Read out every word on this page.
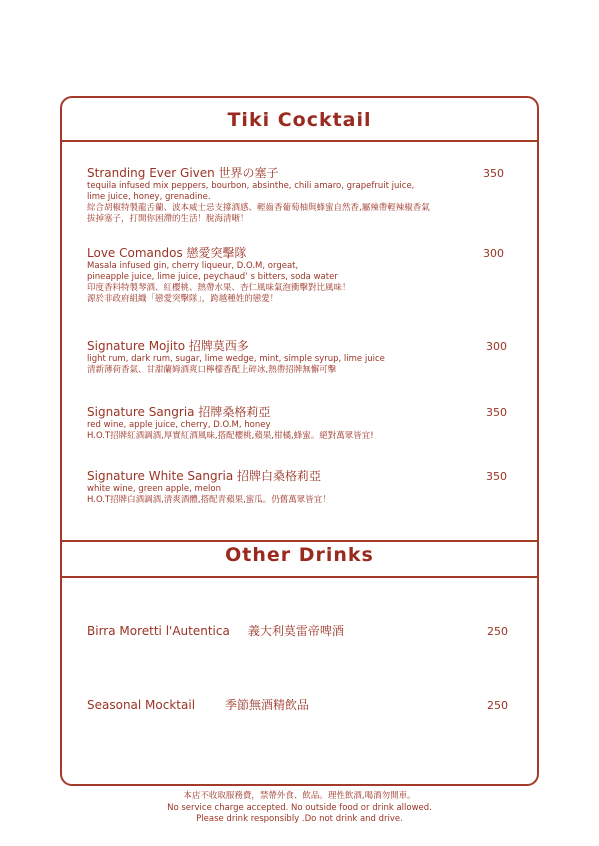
Tiki Cocktail
Stranding Ever Given 世界の塞子
tequila infused mix peppers, bourbon, absinthe, chili amaro, grapefruit juice,
lime juice, honey, grenadine.
綜合胡椒特製龍舌蘭、波本威士忌支撐酒感、輕齒香葡萄柚與蜂蜜自然香,屬辣帶輕辣椒香氣
拔掉塞子，打開你困滯的生活！脫海清晰！
350
Love Comandos 戀愛突擊隊
Masala infused gin, cherry liqueur, D.O.M, orgeat,
pineapple juice, lime juice, peychaud’ s bitters, soda water
印度香料特製琴酒、紅櫻桃、熱帶水果、杏仁風味氣泡衝擊對比風味！
源於非政府組織「戀愛突擊隊」，跨越種姓的戀愛！
300
Signature Mojito 招牌莫西多
light rum, dark rum, sugar, lime wedge, mint, simple syrup, lime juice
清新薄荷香氣、甘甜蘭姆酒爽口檸檬香配上碎冰,熱帶招牌無懈可擊
300
Signature Sangria 招牌桑格莉亞
red wine, apple juice, cherry, D.O.M, honey
H.O.T招牌紅酒調酒,厚實紅酒風味,搭配櫻桃,蘋果,柑橘,蜂蜜。絕對萬眾皆宜!
350
Signature White Sangria 招牌白桑格莉亞
white wine, green apple, melon
H.O.T招牌白酒調酒,清爽酒體,搭配青蘋果,蜜瓜。仍舊萬眾皆宜！
350
Other Drinks
Birra Moretti l'Autentica 義大利莫雷帝啤酒	250
Seasonal Mocktail	季節無酒精飲品	250
本店不收取服務費，禁帶外食、飲品。理性飲酒,喝酒勿開車。
No service charge accepted. No outside food or drink allowed.
Please drink responsibly .Do not drink and drive.
